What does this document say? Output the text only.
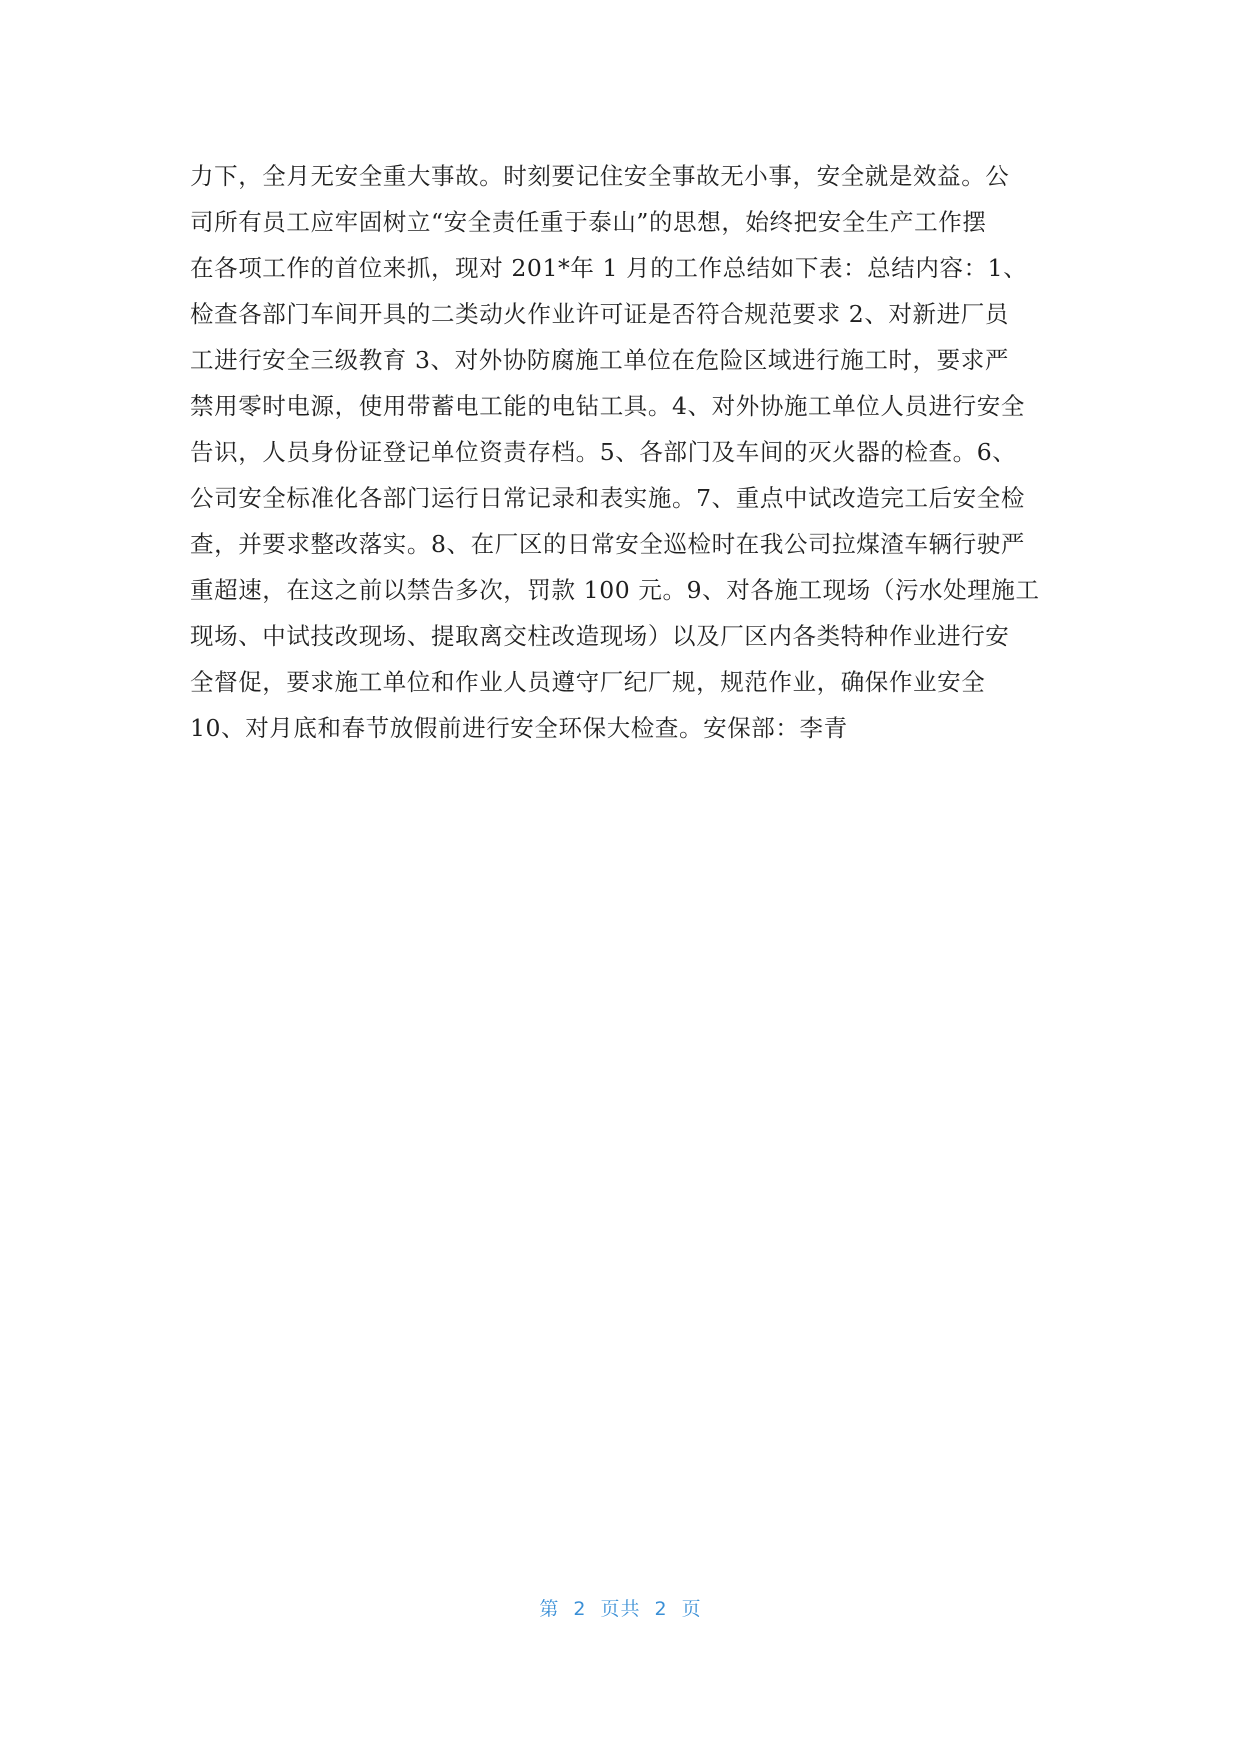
力下，全月无安全重大事故。时刻要记住安全事故无小事，安全就是效益。公
司所有员工应牢固树立“安全责任重于泰山”的思想，始终把安全生产工作摆
在各项工作的首位来抓，现对 201*年 1 月的工作总结如下表：总结内容：1、
检查各部门车间开具的二类动火作业许可证是否符合规范要求 2、对新进厂员
工进行安全三级教育 3、对外协防腐施工单位在危险区域进行施工时，要求严
禁用零时电源，使用带蓄电工能的电钻工具。4、对外协施工单位人员进行安全
告识，人员身份证登记单位资责存档。5、各部门及车间的灭火器的检查。6、
公司安全标准化各部门运行日常记录和表实施。7、重点中试改造完工后安全检
查，并要求整改落实。8、在厂区的日常安全巡检时在我公司拉煤渣车辆行驶严
重超速，在这之前以禁告多次，罚款 100 元。9、对各施工现场（污水处理施工
现场、中试技改现场、提取离交柱改造现场）以及厂区内各类特种作业进行安
全督促，要求施工单位和作业人员遵守厂纪厂规，规范作业，确保作业安全
10、对月底和春节放假前进行安全环保大检查。安保部：李青
第 2 页共 2 页
